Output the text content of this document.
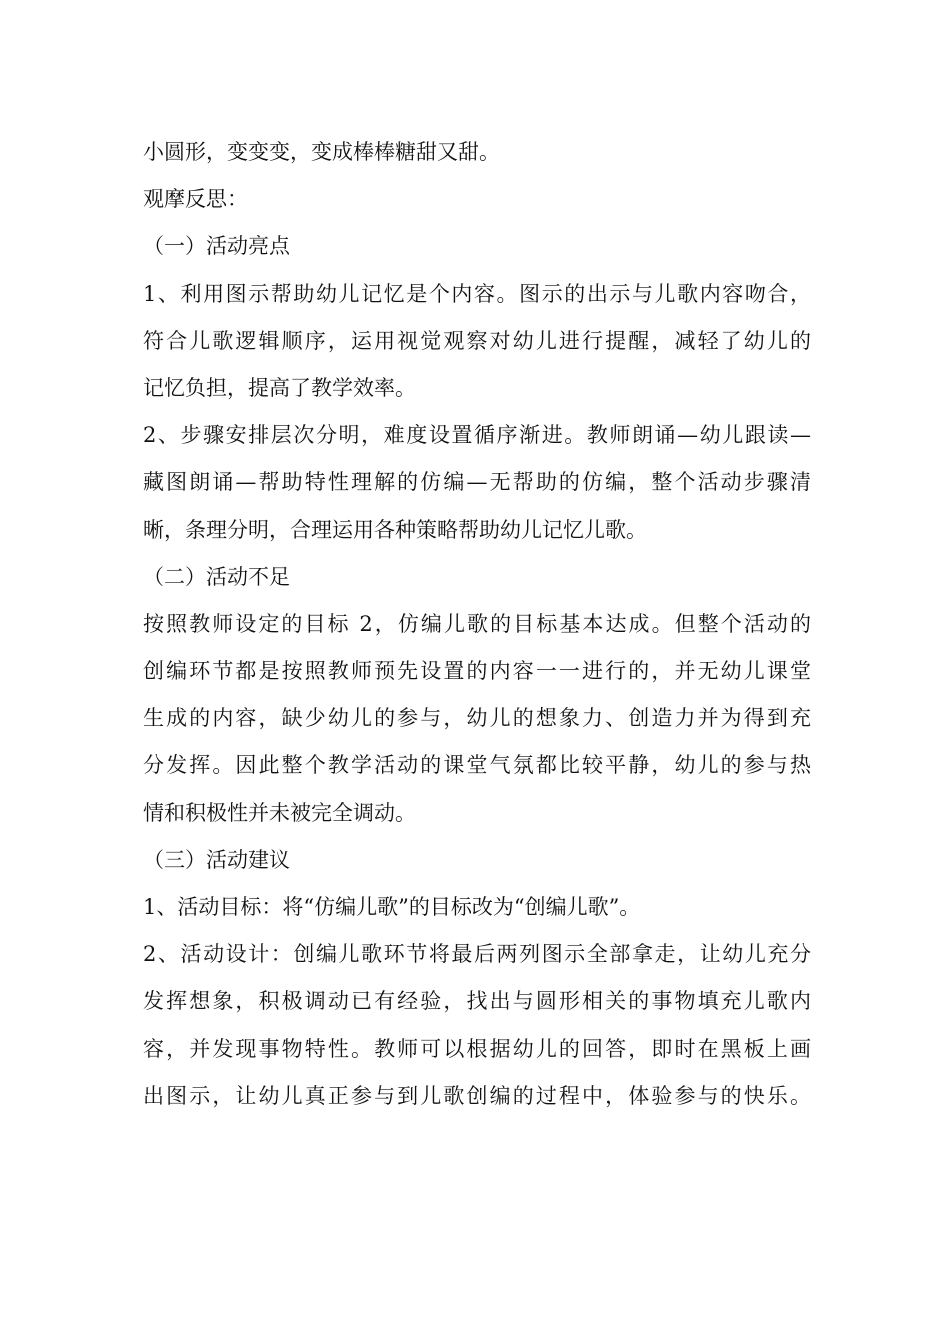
小圆形，变变变，变成棒棒糖甜又甜。
观摩反思：
（一）活动亮点
1、利用图示帮助幼儿记忆是个内容。图示的出示与儿歌内容吻合，
符合儿歌逻辑顺序，运用视觉观察对幼儿进行提醒，减轻了幼儿的
记忆负担，提高了教学效率。
2、步骤安排层次分明，难度设置循序渐进。教师朗诵—幼儿跟读—
藏图朗诵—帮助特性理解的仿编—无帮助的仿编，整个活动步骤清
晰，条理分明，合理运用各种策略帮助幼儿记忆儿歌。
（二）活动不足
按照教师设定的目标 2，仿编儿歌的目标基本达成。但整个活动的
创编环节都是按照教师预先设置的内容一一进行的，并无幼儿课堂
生成的内容，缺少幼儿的参与，幼儿的想象力、创造力并为得到充
分发挥。因此整个教学活动的课堂气氛都比较平静，幼儿的参与热
情和积极性并未被完全调动。
（三）活动建议
1、活动目标：将“仿编儿歌”的目标改为“创编儿歌”。
2、活动设计：创编儿歌环节将最后两列图示全部拿走，让幼儿充分
发挥想象，积极调动已有经验，找出与圆形相关的事物填充儿歌内
容，并发现事物特性。教师可以根据幼儿的回答，即时在黑板上画
出图示，让幼儿真正参与到儿歌创编的过程中，体验参与的快乐。
